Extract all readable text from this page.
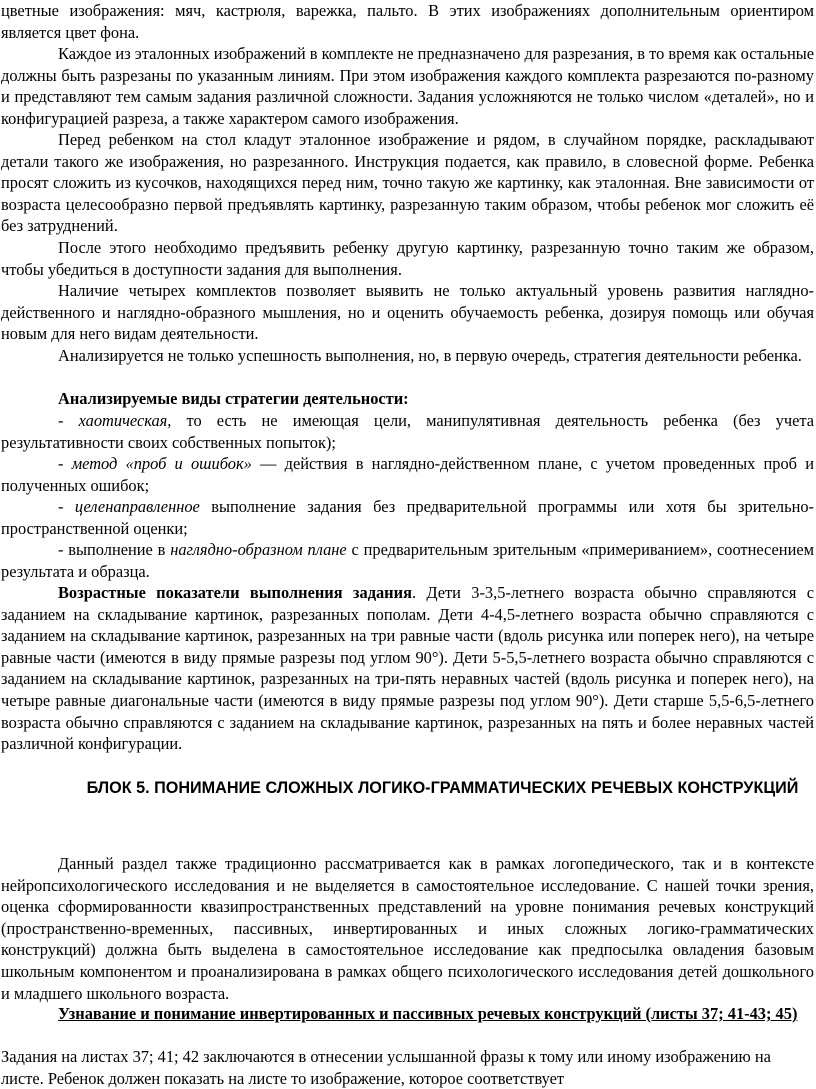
цветные изображения: мяч, кастрюля, варежка, пальто. В этих изображениях дополнительным ориентиром является цвет фона.

Каждое из эталонных изображений в комплекте не предназначено для разрезания, в то время как остальные должны быть разрезаны по указанным линиям. При этом изображения каждого комплекта разрезаются по-разному и представляют тем самым задания различной сложности. Задания усложняются не только числом «деталей», но и конфигурацией разреза, а также характером самого изображения.

Перед ребенком на стол кладут эталонное изображение и рядом, в случайном порядке, раскладывают детали такого же изображения, но разрезанного. Инструкция подается, как правило, в словесной форме. Ребенка просят сложить из кусочков, находящихся перед ним, точно такую же картинку, как эталонная. Вне зависимости от возраста целесообразно первой предъявлять картинку, разрезанную таким образом, чтобы ребенок мог сложить её без затруднений.

После этого необходимо предъявить ребенку другую картинку, разрезанную точно таким же образом, чтобы убедиться в доступности задания для выполнения.

Наличие четырех комплектов позволяет выявить не только актуальный уровень развития наглядно-действенного и наглядно-образного мышления, но и оценить обучаемость ребенка, дозируя помощь или обучая новым для него видам деятельности.

Анализируется не только успешность выполнения, но, в первую очередь, стратегия деятельности ребенка.

Анализируемые виды стратегии деятельности:

- хаотическая, то есть не имеющая цели, манипулятивная деятельность ребенка (без учета результативности своих собственных попыток);

- метод «проб и ошибок» — действия в наглядно-действенном плане, с учетом проведенных проб и полученных ошибок;

- целенаправленное выполнение задания без предварительной программы или хотя бы зрительно-пространственной оценки;

- выполнение в наглядно-образном плане с предварительным зрительным «примериванием», соотнесением результата и образца.

Возрастные показатели выполнения задания. Дети 3-3,5-летнего возраста обычно справляются с заданием на складывание картинок, разрезанных пополам. Дети 4-4,5-летнего возраста обычно справляются с заданием на складывание картинок, разрезанных на три равные части (вдоль рисунка или поперек него), на четыре равные части (имеются в виду прямые разрезы под углом 90°). Дети 5-5,5-летнего возраста обычно справляются с заданием на складывание картинок, разрезанных на три-пять неравных частей (вдоль рисунка и поперек него), на четыре равные диагональные части (имеются в виду прямые разрезы под углом 90°). Дети старше 5,5-6,5-летнего возраста обычно справляются с заданием на складывание картинок, разрезанных на пять и более неравных частей различной конфигурации.

БЛОК 5. ПОНИМАНИЕ СЛОЖНЫХ ЛОГИКО-ГРАММАТИЧЕСКИХ РЕЧЕВЫХ КОНСТРУКЦИЙ

Данный раздел также традиционно рассматривается как в рамках логопедического, так и в контексте нейропсихологического исследования и не выделяется в самостоятельное исследование. С нашей точки зрения, оценка сформированности квазипространственных представлений на уровне понимания речевых конструкций (пространственно-временных, пассивных, инвертированных и иных сложных логико-грамматических конструкций) должна быть выделена в самостоятельное исследование как предпосылка овладения базовым школьным компонентом и проанализирована в рамках общего психологического исследования детей дошкольного и младшего школьного возраста.

Узнавание и понимание инвертированных и пассивных речевых конструкций (листы 37; 41-43; 45)

Задания на листах 37; 41; 42 заключаются в отнесении услышанной фразы к тому или иному изображению на листе. Ребенок должен показать на листе то изображение, которое соответствует
